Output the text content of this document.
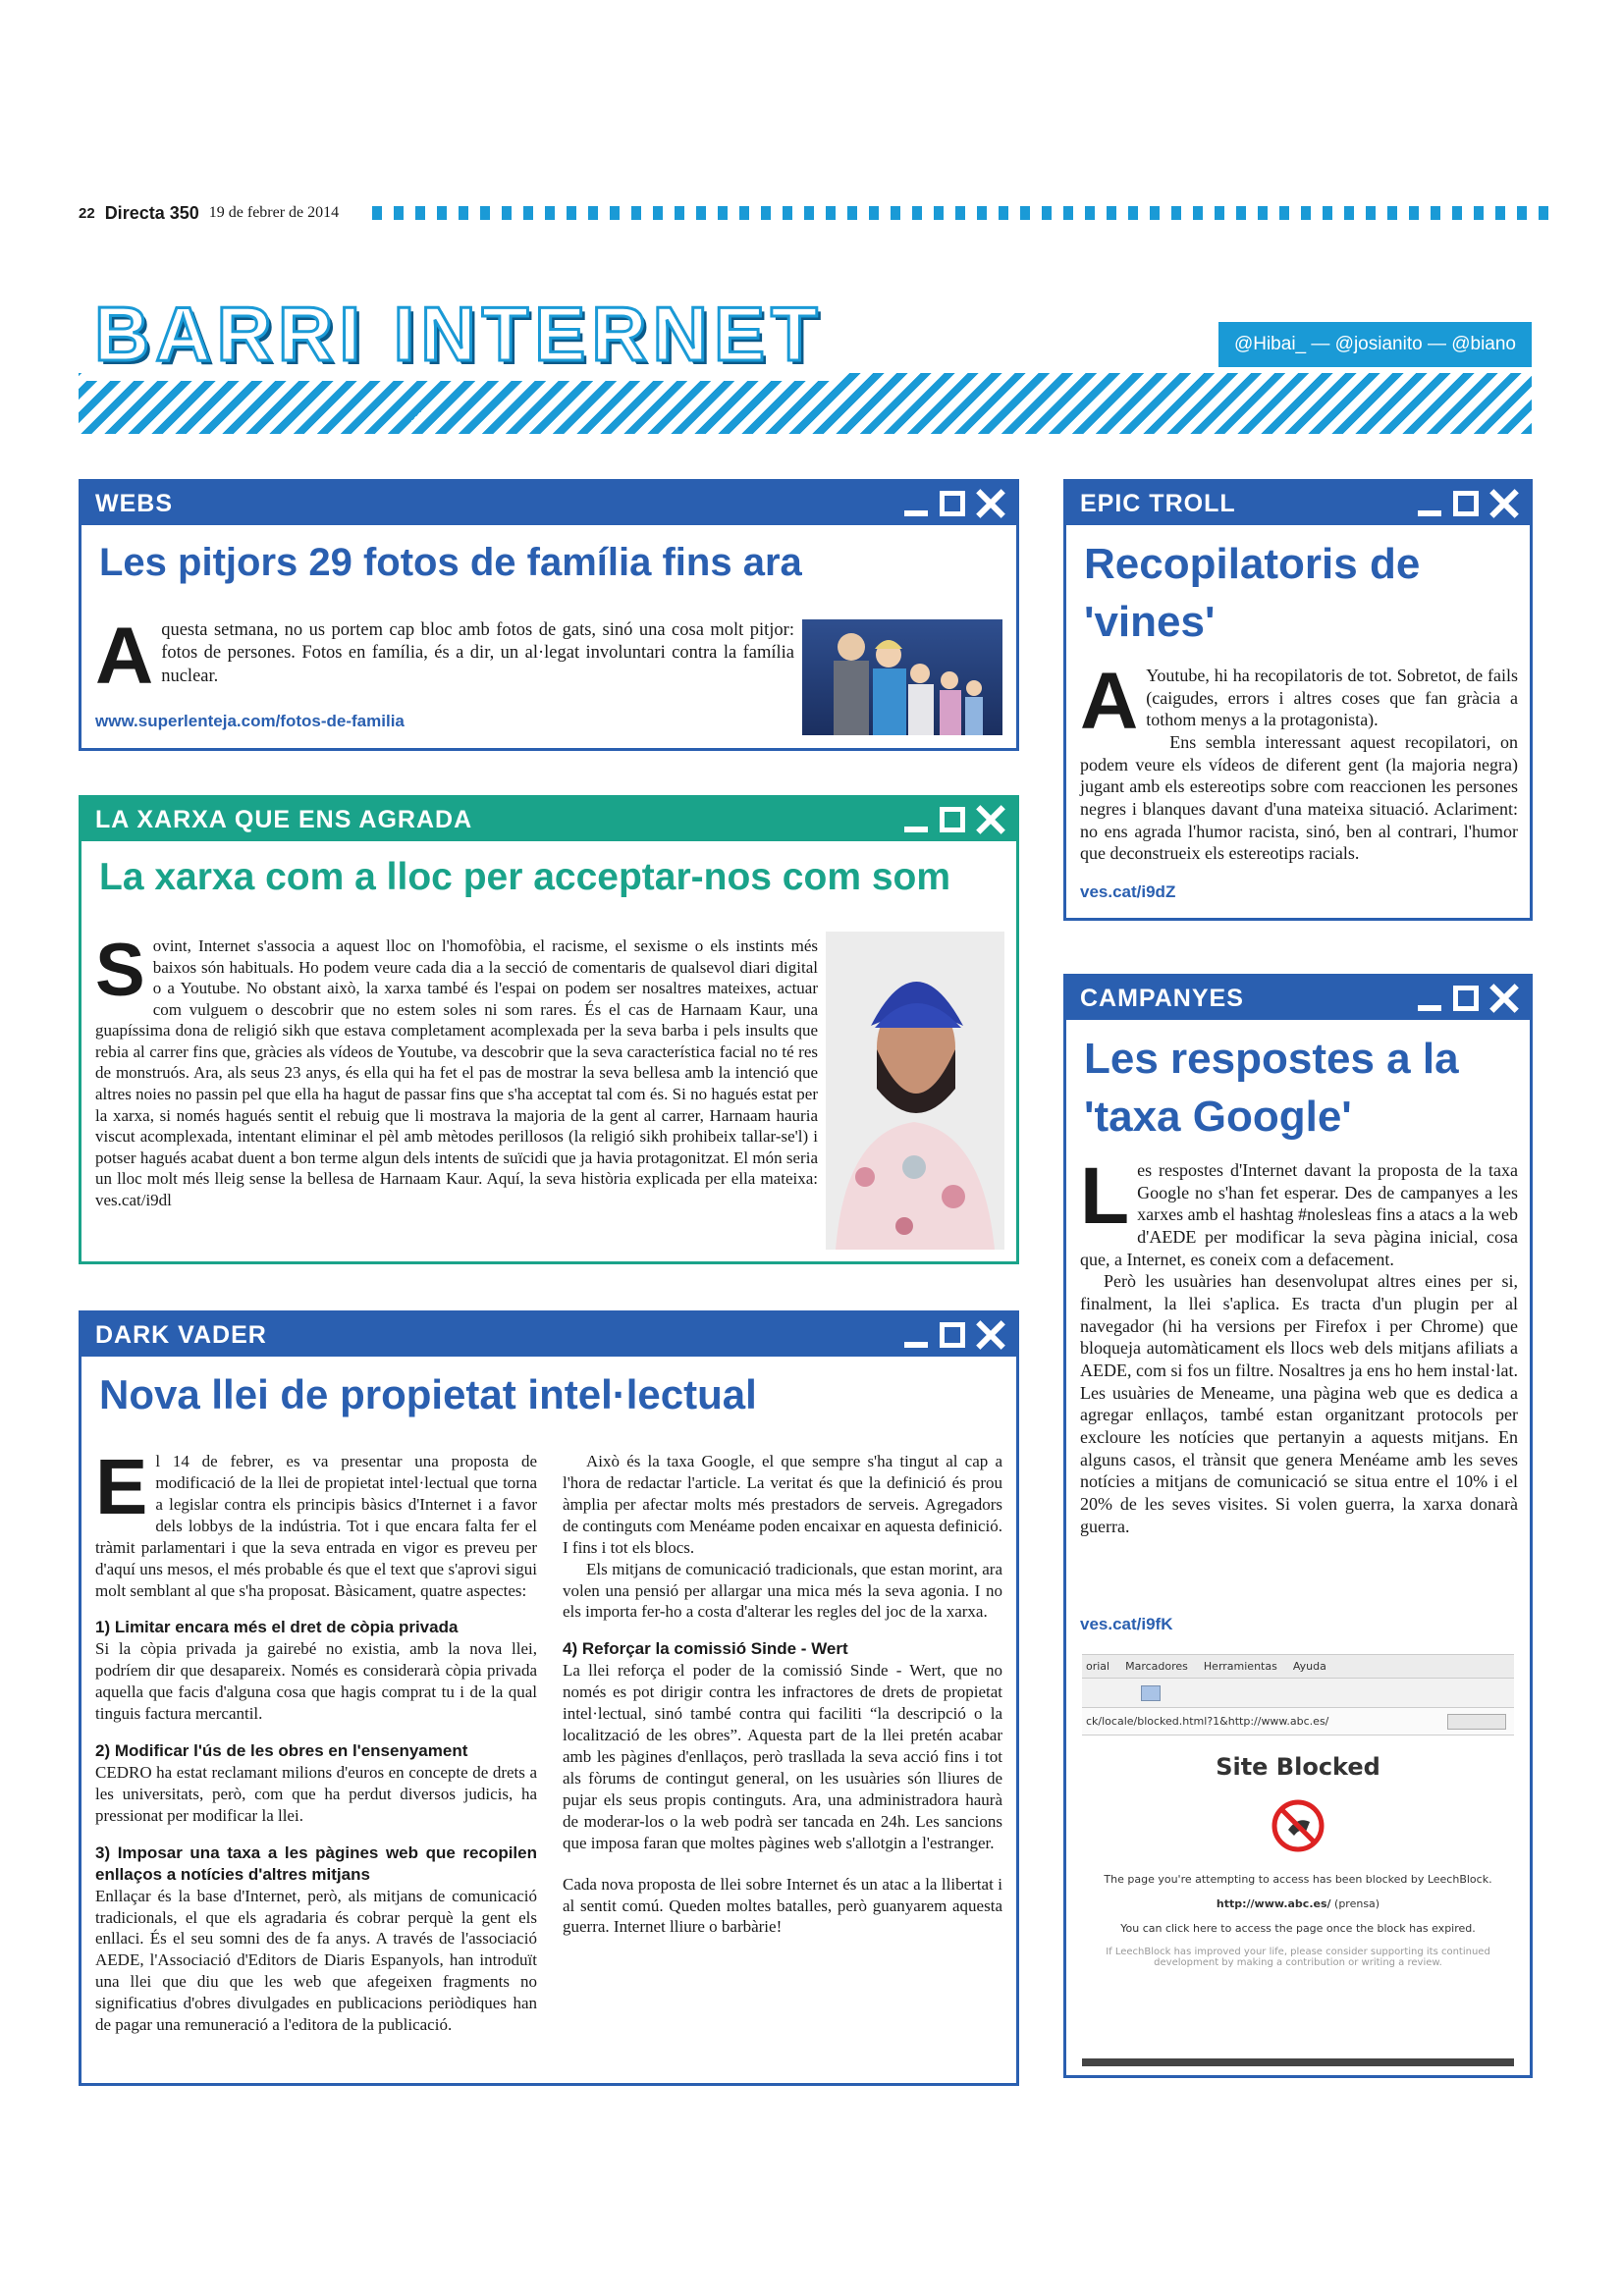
22 Directa 350 19 de febrer de 2014
BARRI INTERNET	@Hibai_ — @josianito — @biano
WEBS
Les pitjors 29 fotos de família fins ara
Aquesta setmana, no us portem cap bloc amb fotos de gats, sinó una cosa molt pitjor: fotos de persones. Fotos en família, és a dir, un al·legat involuntari contra la família nuclear.
www.superlenteja.com/fotos-de-familia
LA XARXA QUE ENS AGRADA
La xarxa com a lloc per acceptar-nos com som
Sovint, Internet s'associa a aquest lloc on l'homofòbia, el racisme, el sexisme o els instints més baixos són habituals. Ho podem veure cada dia a la secció de comentaris de qualsevol diari digital o a Youtube. No obstant això, la xarxa també és l'espai on podem ser nosaltres mateixes, actuar com vulguem o descobrir que no estem soles ni som rares. És el cas de Harnaam Kaur, una guapíssima dona de religió sikh que estava completament acomplexada per la seva barba i pels insults que rebia al carrer fins que, gràcies als vídeos de Youtube, va descobrir que la seva característica facial no té res de monstruós. Ara, als seus 23 anys, és ella qui ha fet el pas de mostrar la seva bellesa amb la intenció que altres noies no passin pel que ella ha hagut de passar fins que s'ha acceptat tal com és. Si no hagués estat per la xarxa, si només hagués sentit el rebuig que li mostrava la majoria de la gent al carrer, Harnaam hauria viscut acomplexada, intentant eliminar el pèl amb mètodes perillosos (la religió sikh prohibeix tallar-se'l) i potser hagués acabat duent a bon terme algun dels intents de suïcidi que ja havia protagonitzat. El món seria un lloc molt més lleig sense la bellesa de Harnaam Kaur. Aquí, la seva història explicada per ella mateixa: ves.cat/i9dl
DARK VADER
Nova llei de propietat intel·lectual
El 14 de febrer, es va presentar una proposta de modificació de la llei de propietat intel·lectual que torna a legislar contra els principis bàsics d'Internet i a favor dels lobbys de la indústria. Tot i que encara falta fer el tràmit parlamentari i que la seva entrada en vigor es preveu per d'aquí uns mesos, el més probable és que el text que s'aprovi sigui molt semblant al que s'ha proposat. Bàsicament, quatre aspectes:
1) Limitar encara més el dret de còpia privada

Si la còpia privada ja gairebé no existia, amb la nova llei, podríem dir que desapareix. Només es considerarà còpia privada aquella que facis d'alguna cosa que hagis comprat tu i de la qual tinguis factura mercantil.

2) Modificar l'ús de les obres en l'ensenyament

CEDRO ha estat reclamant milions d'euros en concepte de drets a les universitats, però, com que ha perdut diversos judicis, ha pressionat per modificar la llei.

3) Imposar una taxa a les pàgines web que recopilen enllaços a notícies d'altres mitjans

Enllaçar és la base d'Internet, però, als mitjans de comunicació tradicionals, el que els agradaria és cobrar perquè la gent els enllaci. És el seu somni des de fa anys. A través de l'associació AEDE, l'Associació d'Editors de Diaris Espanyols, han introduït una llei que diu que les web que afegeixen fragments no significatius d'obres divulgades en publicacions periòdiques han de pagar una remuneració a l'editora de la publicació.

Això és la taxa Google, el que sempre s'ha tingut al cap a l'hora de redactar l'article. La veritat és que la definició és prou àmplia per afectar molts més prestadors de serveis. Agregadors de continguts com Menéame poden encaixar en aquesta definició. I fins i tot els blocs.

Els mitjans de comunicació tradicionals, que estan morint, ara volen una pensió per allargar una mica més la seva agonia. I no els importa fer-ho a costa d'alterar les regles del joc de la xarxa.

4) Reforçar la comissió Sinde - Wert

La llei reforça el poder de la comissió Sinde - Wert, que no només es pot dirigir contra les infractores de drets de propietat intel·lectual, sinó també contra qui faciliti “la descripció o la localització de les obres”. Aquesta part de la llei pretén acabar amb les pàgines d'enllaços, però trasllada la seva acció fins i tot als fòrums de contingut general, on les usuàries són lliures de pujar els seus propis continguts. Ara, una administradora haurà de moderar-los o la web podrà ser tancada en 24h. Les sancions que imposa faran que moltes pàgines web s'allotgin a l'estranger.

Cada nova proposta de llei sobre Internet és un atac a la llibertat i al sentit comú. Queden moltes batalles, però guanyarem aquesta guerra. Internet lliure o barbàrie!

EPIC TROLL
Recopilatoris de 'vines'
A Youtube, hi ha recopilatoris de tot. Sobretot, de fails (caigudes, errors i altres coses que fan gràcia a tothom menys a la protagonista).

Ens sembla interessant aquest recopilatori, on podem veure els vídeos de diferent gent (la majoria negra) jugant amb els estereotips sobre com reaccionen les persones negres i blanques davant d'una mateixa situació. Aclariment: no ens agrada l'humor racista, sinó, ben al contrari, l'humor que deconstrueix els estereotips racials.

ves.cat/i9dZ
CAMPANYES
Les respostes a la 'taxa Google'
Les respostes d'Internet davant la proposta de la taxa Google no s'han fet esperar. Des de campanyes a les xarxes amb el hashtag #nolesleas fins a atacs a la web d'AEDE per modificar la seva pàgina inicial, cosa que, a Internet, es coneix com a defacement.

Però les usuàries han desenvolupat altres eines per si, finalment, la llei s'aplica. Es tracta d'un plugin per al navegador (hi ha versions per Firefox i per Chrome) que bloqueja automàticament els llocs web dels mitjans afiliats a AEDE, com si fos un filtre. Nosaltres ja ens ho hem instal·lat. Les usuàries de Meneame, una pàgina web que es dedica a agregar enllaços, també estan organitzant protocols per excloure les notícies que pertanyin a aquests mitjans. En alguns casos, el trànsit que genera Menéame amb les seves notícies a mitjans de comunicació se situa entre el 10% i el 20% de les seves visites. Si volen guerra, la xarxa donarà guerra.

ves.cat/i9fK
orial Marcadores Herramientas Ayuda
ck/locale/blocked.html?1&http://www.abc.es/
Site Blocked
The page you're attempting to access has been blocked by LeechBlock.
http://www.abc.es/ (prensa)
You can click here to access the page once the block has expired.
If LeechBlock has improved your life, please consider supporting its continued development by making a contribution or writing a review.
